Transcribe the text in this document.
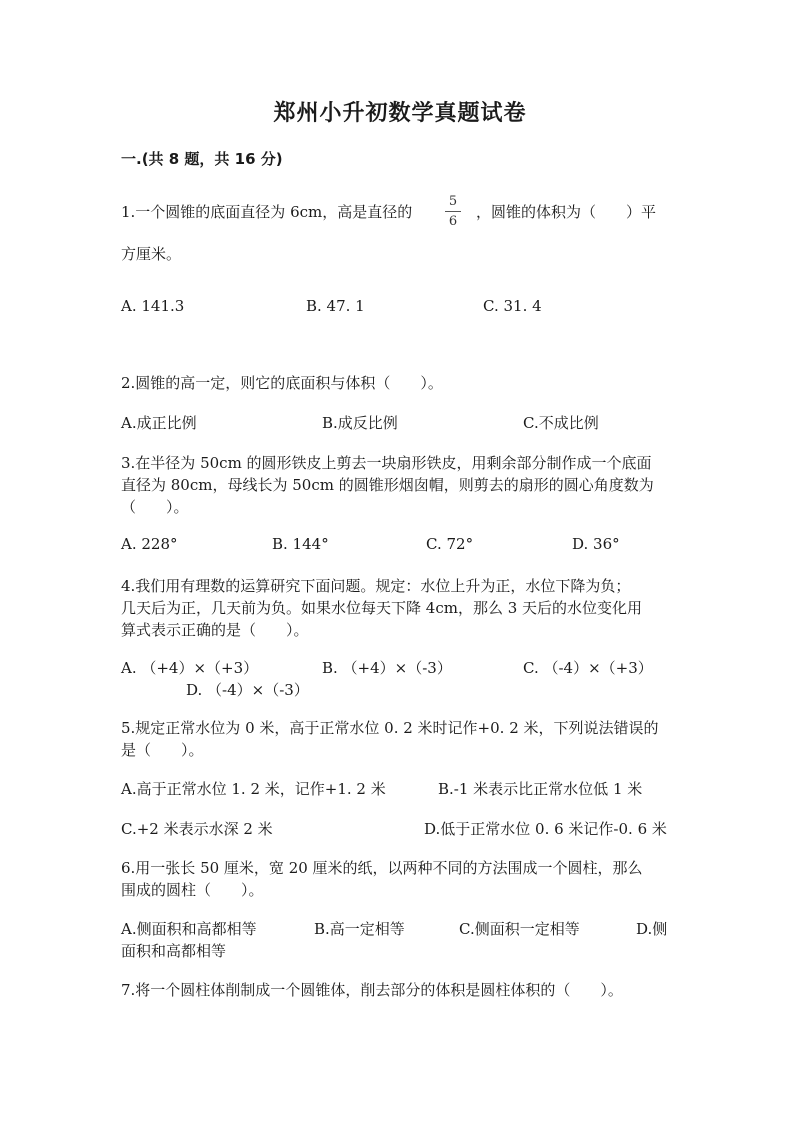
郑州小升初数学真题试卷
一.(共 8 题，共 16 分)
1.一个圆锥的底面直径为 6cm，高是直径的
5
6
，圆锥的体积为（　　）平
方厘米。
A. 141.3	B. 47. 1	C. 31. 4
2.圆锥的高一定，则它的底面积与体积（　　）。
A.成正比例	B.成反比例	C.不成比例
3.在半径为 50cm 的圆形铁皮上剪去一块扇形铁皮，用剩余部分制作成一个底面
直径为 80cm，母线长为 50cm 的圆锥形烟囱帽，则剪去的扇形的圆心角度数为
（　　）。
A. 228°	B. 144°	C. 72°	D. 36°
4.我们用有理数的运算研究下面问题。规定：水位上升为正，水位下降为负；
几天后为正，几天前为负。如果水位每天下降 4cm，那么 3 天后的水位变化用
算式表示正确的是（　　）。
A. （+4）×（+3）	B. （+4）×（-3）	C. （-4）×（+3）
D. （-4）×（-3）
5.规定正常水位为 0 米，高于正常水位 0. 2 米时记作+0. 2 米，下列说法错误的
是（　　）。
A.高于正常水位 1. 2 米，记作+1. 2 米	B.-1 米表示比正常水位低 1 米
C.+2 米表示水深 2 米	D.低于正常水位 0. 6 米记作-0. 6 米
6.用一张长 50 厘米，宽 20 厘米的纸，以两种不同的方法围成一个圆柱，那么
围成的圆柱（　　）。
A.侧面积和高都相等	B.高一定相等	C.侧面积一定相等	D.侧
面积和高都相等
7.将一个圆柱体削制成一个圆锥体，削去部分的体积是圆柱体积的（　　）。
